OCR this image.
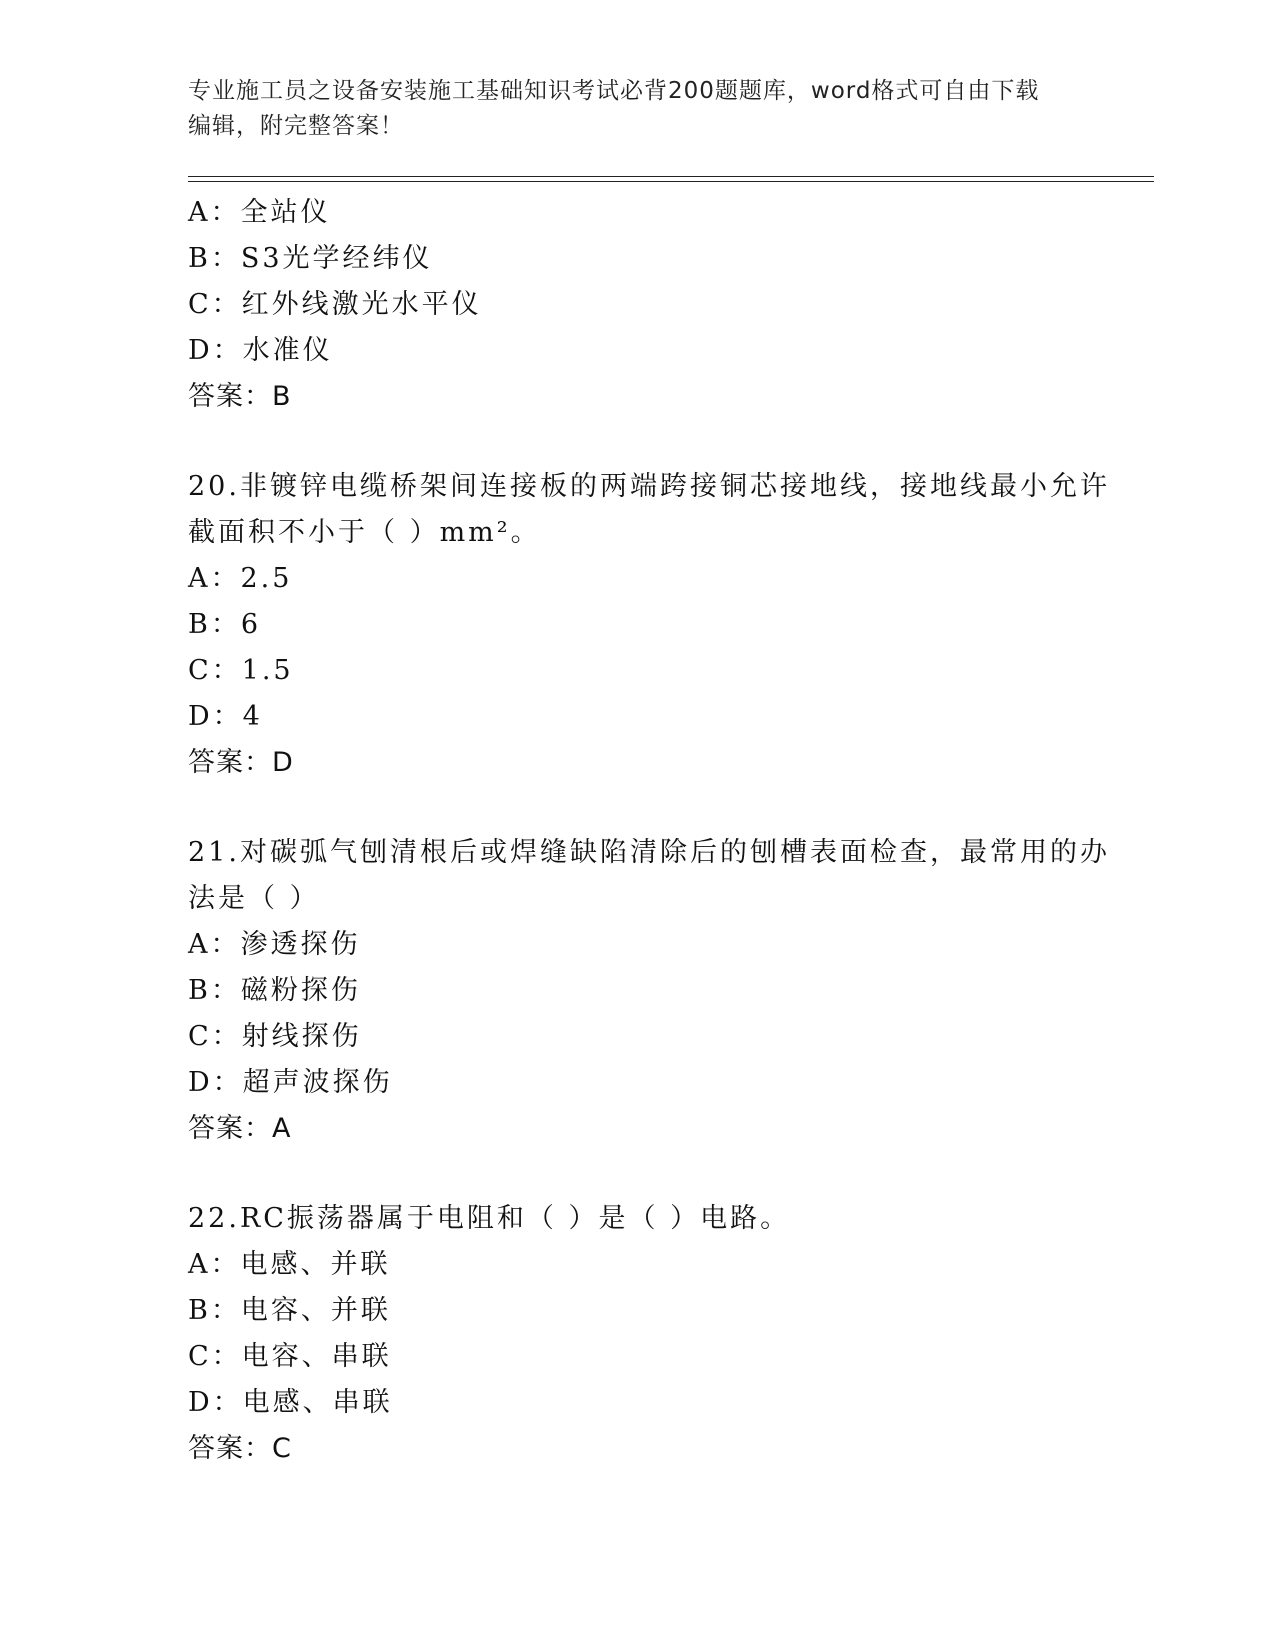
专业施工员之设备安装施工基础知识考试必背200题题库，word格式可自由下载
编辑，附完整答案！
A：全站仪
B：S3光学经纬仪
C：红外线激光水平仪
D：水准仪
答案：B
20.非镀锌电缆桥架间连接板的两端跨接铜芯接地线，接地线最小允许
截面积不小于（ ）mm²。
A：2.5
B：6
C：1.5
D：4
答案：D
21.对碳弧气刨清根后或焊缝缺陷清除后的刨槽表面检查，最常用的办
法是（ ）
A：渗透探伤
B：磁粉探伤
C：射线探伤
D：超声波探伤
答案：A
22.RC振荡器属于电阻和（ ）是（ ）电路。
A：电感、并联
B：电容、并联
C：电容、串联
D：电感、串联
答案：C
